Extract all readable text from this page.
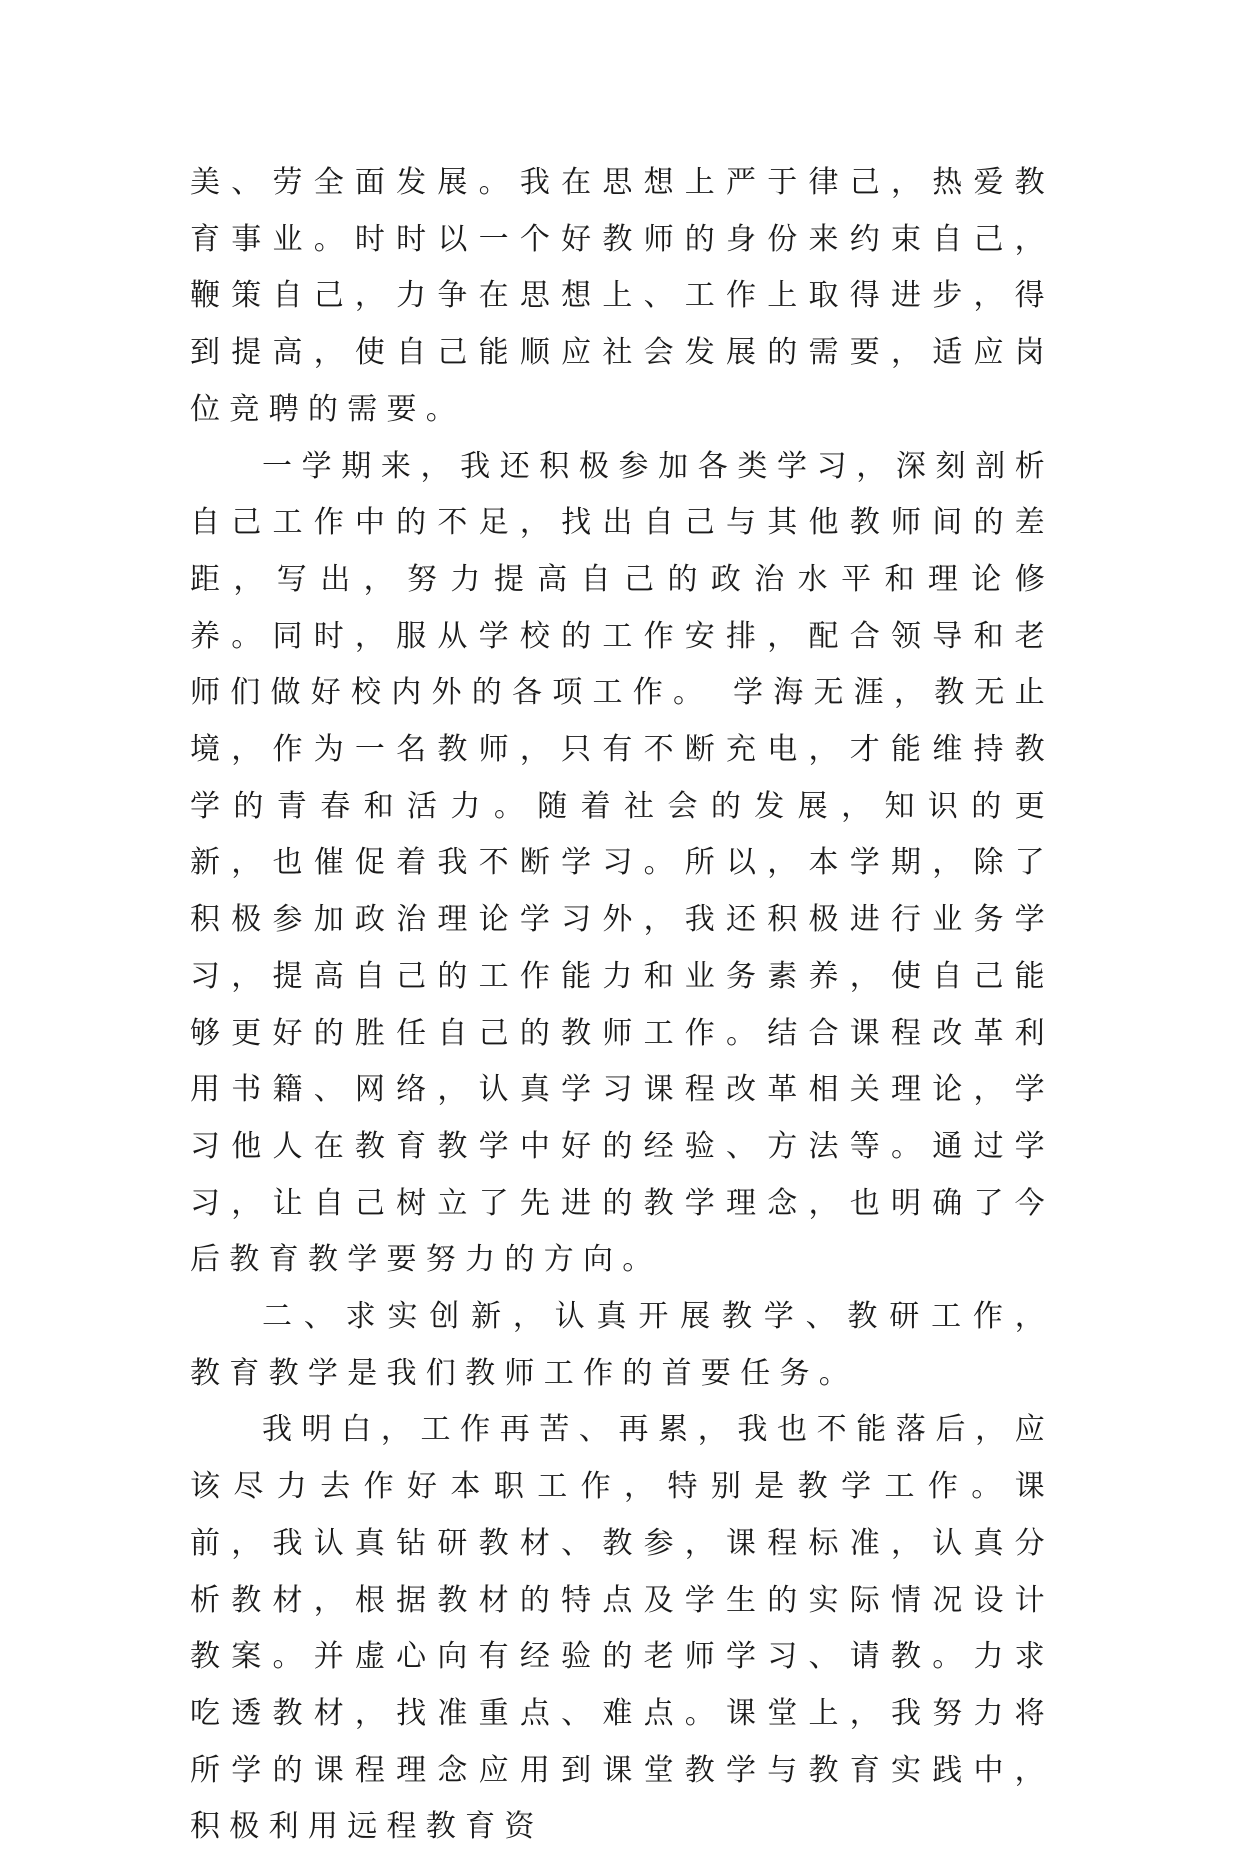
美、劳全面发展。我在思想上严于律己，热爱教育事业。时时以一个好教师的身份来约束自己，鞭策自己，力争在思想上、工作上取得进步，得到提高，使自己能顺应社会发展的需要，适应岗位竞聘的需要。

一学期来，我还积极参加各类学习，深刻剖析自己工作中的不足，找出自己与其他教师间的差距，写出，努力提高自己的政治水平和理论修养。同时，服从学校的工作安排，配合领导和老师们做好校内外的各项工作。 学海无涯，教无止境，作为一名教师，只有不断充电，才能维持教学的青春和活力。随着社会的发展，知识的更新，也催促着我不断学习。所以，本学期，除了积极参加政治理论学习外，我还积极进行业务学习，提高自己的工作能力和业务素养，使自己能够更好的胜任自己的教师工作。结合课程改革利用书籍、网络，认真学习课程改革相关理论，学习他人在教育教学中好的经验、方法等。通过学习，让自己树立了先进的教学理念，也明确了今后教育教学要努力的方向。

二、求实创新，认真开展教学、教研工作， 教育教学是我们教师工作的首要任务。

我明白，工作再苦、再累，我也不能落后，应该尽力去作好本职工作，特别是教学工作。课前，我认真钻研教材、教参，课程标准，认真分析教材，根据教材的特点及学生的实际情况设计教案。并虚心向有经验的老师学习、请教。力求吃透教材，找准重点、难点。课堂上，我努力将所学的课程理念应用到课堂教学与教育实践中，积极利用远程教育资
